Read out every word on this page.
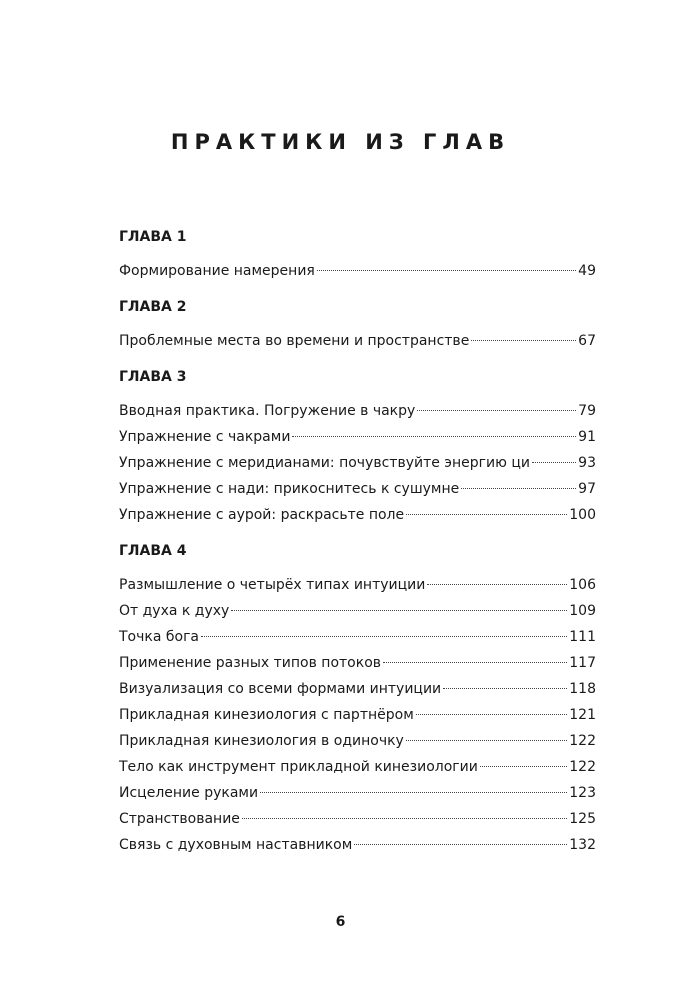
ПРАКТИКИ ИЗ ГЛАВ
ГЛАВА 1
Формирование намерения	49
ГЛАВА 2
Проблемные места во времени и пространстве	67
ГЛАВА 3
Вводная практика. Погружение в чакру	79
Упражнение с чакрами	91
Упражнение с меридианами: почувствуйте энергию ци	93
Упражнение с нади: прикоснитесь к сушумне	97
Упражнение с аурой: раскрасьте поле	100
ГЛАВА 4
Размышление о четырёх типах интуиции	106
От духа к духу	109
Точка бога	111
Применение разных типов потоков	117
Визуализация со всеми формами интуиции	118
Прикладная кинезиология с партнёром	121
Прикладная кинезиология в одиночку	122
Тело как инструмент прикладной кинезиологии	122
Исцеление руками	123
Странствование	125
Связь с духовным наставником	132

6
